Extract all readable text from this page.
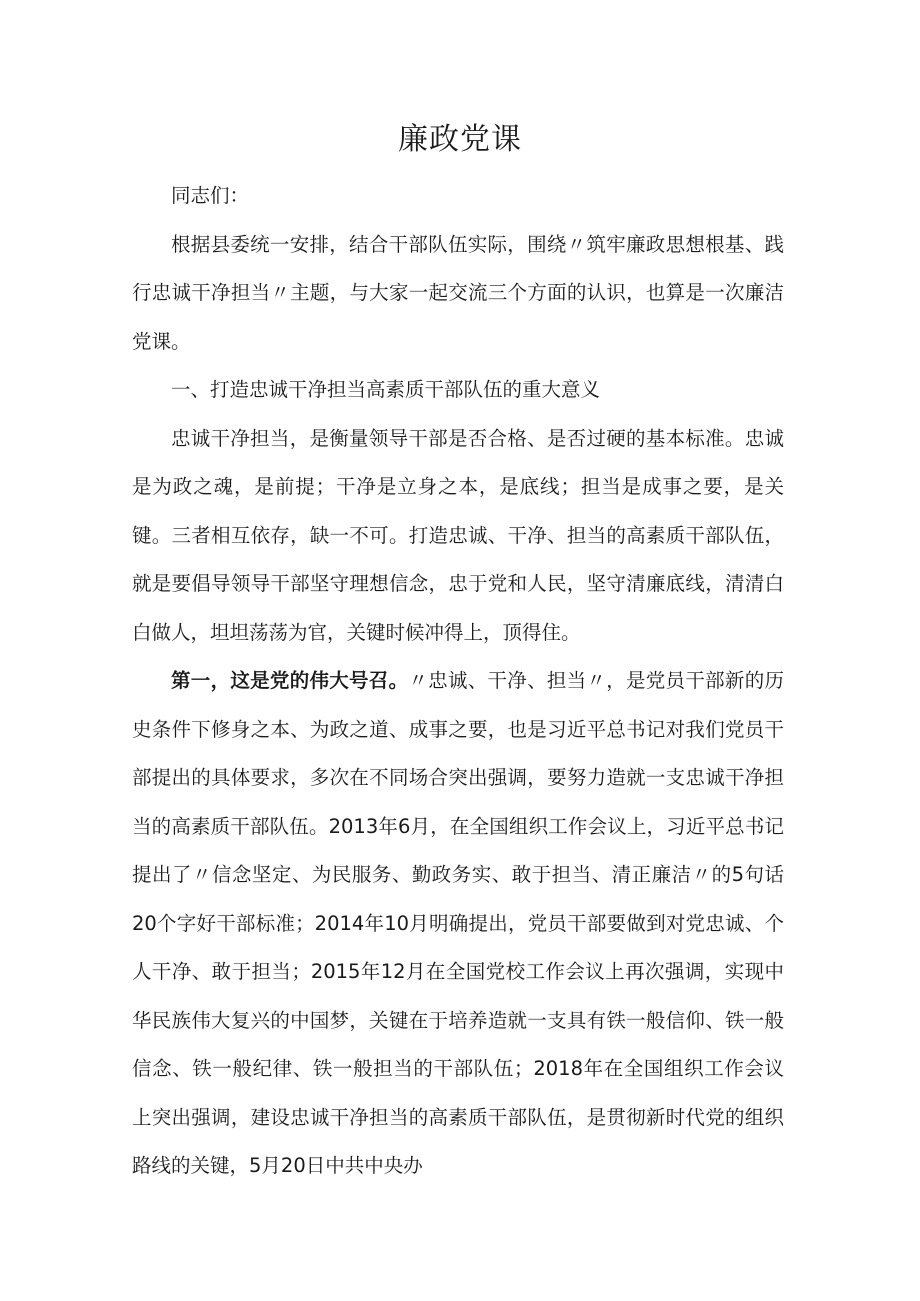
廉政党课

同志们：

根据县委统一安排，结合干部队伍实际，围绕〃筑牢廉政思想根基、践行忠诚干净担当〃主题，与大家一起交流三个方面的认识，也算是一次廉洁党课。

一、打造忠诚干净担当高素质干部队伍的重大意义

忠诚干净担当，是衡量领导干部是否合格、是否过硬的基本标准。忠诚是为政之魂，是前提；干净是立身之本，是底线；担当是成事之要，是关键。三者相互依存，缺一不可。打造忠诚、干净、担当的高素质干部队伍，就是要倡导领导干部坚守理想信念，忠于党和人民，坚守清廉底线，清清白白做人，坦坦荡荡为官，关键时候冲得上，顶得住。

第一，这是党的伟大号召。〃忠诚、干净、担当〃，是党员干部新的历史条件下修身之本、为政之道、成事之要，也是习近平总书记对我们党员干部提出的具体要求，多次在不同场合突出强调，要努力造就一支忠诚干净担当的高素质干部队伍。2013年6月，在全国组织工作会议上，习近平总书记提出了〃信念坚定、为民服务、勤政务实、敢于担当、清正廉洁〃的5句话20个字好干部标准；2014年10月明确提出，党员干部要做到对党忠诚、个人干净、敢于担当；2015年12月在全国党校工作会议上再次强调，实现中华民族伟大复兴的中国梦，关键在于培养造就一支具有铁一般信仰、铁一般信念、铁一般纪律、铁一般担当的干部队伍；2018年在全国组织工作会议上突出强调，建设忠诚干净担当的高素质干部队伍，是贯彻新时代党的组织路线的关键，5月20日中共中央办
